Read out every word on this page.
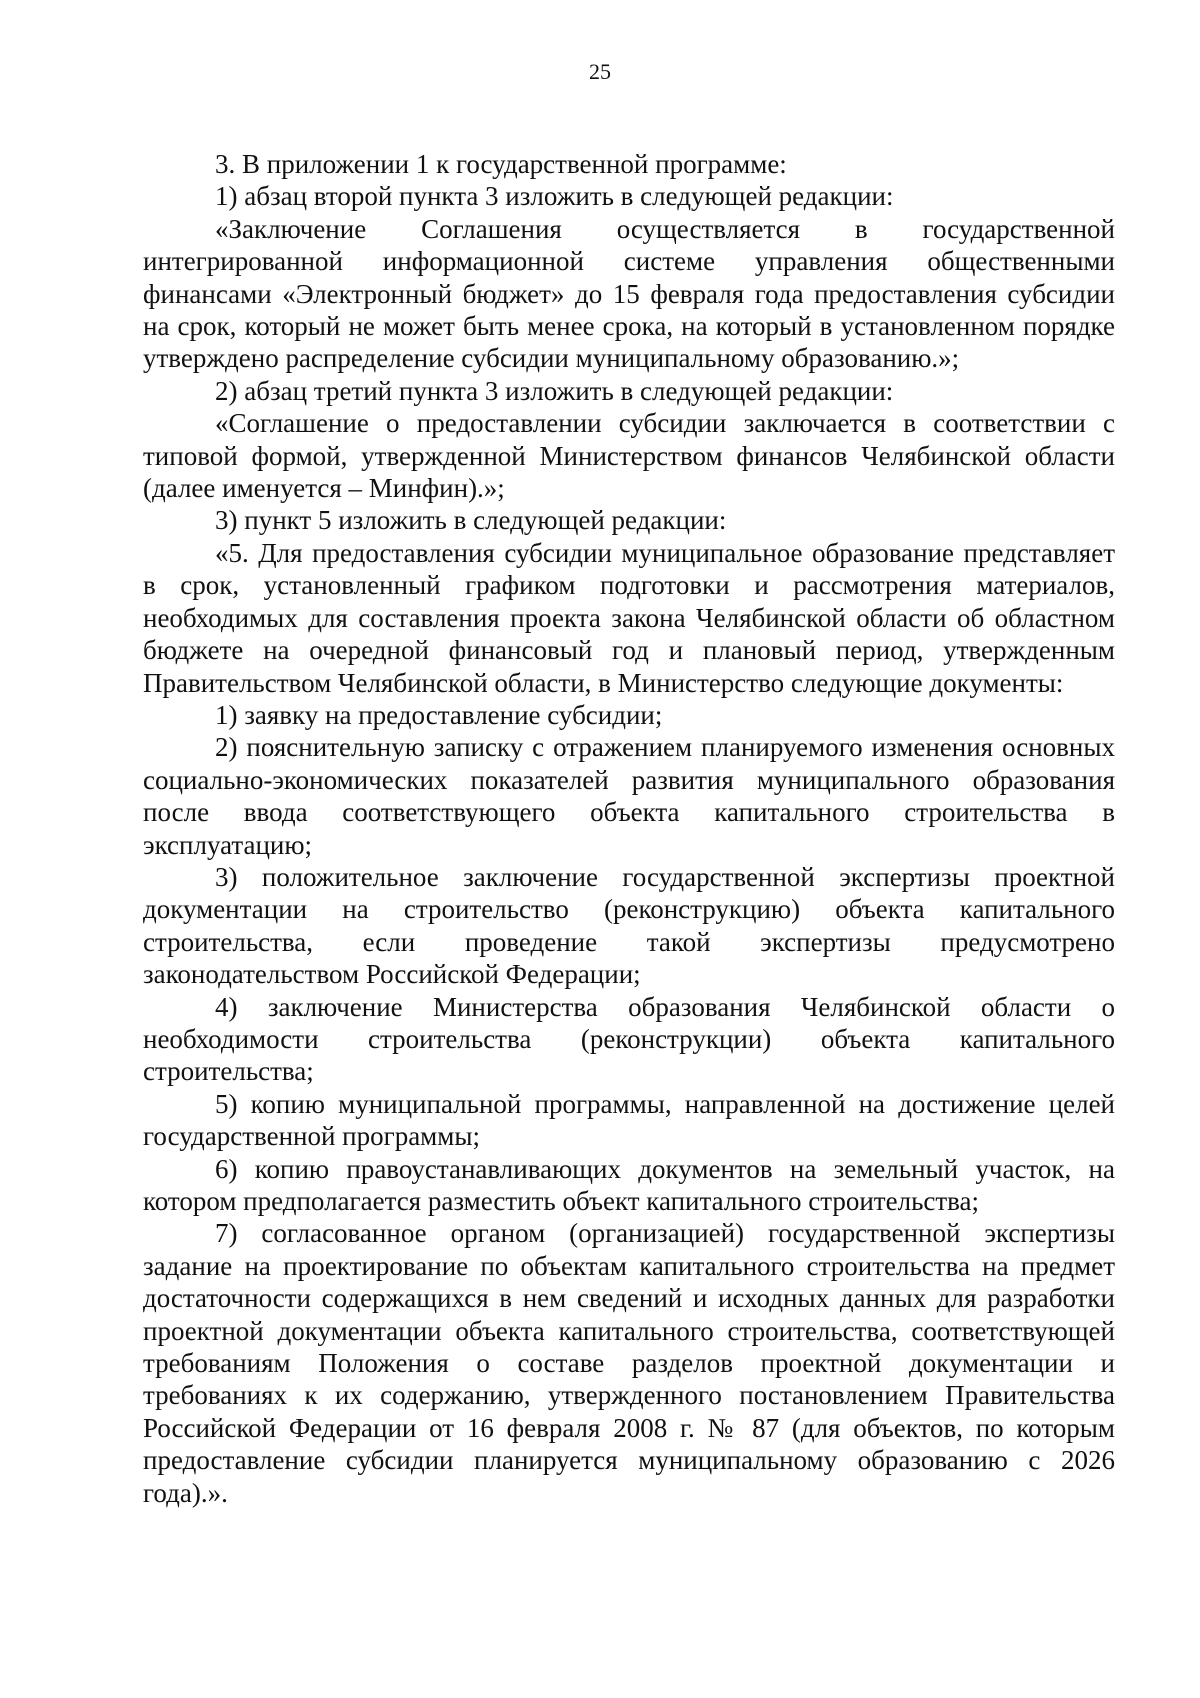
25

3. В приложении 1 к государственной программе:

1) абзац второй пункта 3 изложить в следующей редакции:

«Заключение Соглашения осуществляется в государственной интегрированной информационной системе управления общественными финансами «Электронный бюджет» до 15 февраля года предоставления субсидии на срок, который не может быть менее срока, на который в установленном порядке утверждено распределение субсидии муниципальному образованию.»;

2) абзац третий пункта 3 изложить в следующей редакции:

«Соглашение о предоставлении субсидии заключается в соответствии с типовой формой, утвержденной Министерством финансов Челябинской области (далее именуется – Минфин).»;

3) пункт 5 изложить в следующей редакции:

«5. Для предоставления субсидии муниципальное образование представляет в срок, установленный графиком подготовки и рассмотрения материалов, необходимых для составления проекта закона Челябинской области об областном бюджете на очередной финансовый год и плановый период, утвержденным Правительством Челябинской области, в Министерство следующие документы:

1) заявку на предоставление субсидии;

2) пояснительную записку с отражением планируемого изменения основных социально-экономических показателей развития муниципального образования после ввода соответствующего объекта капитального строительства в эксплуатацию;

3) положительное заключение государственной экспертизы проектной документации на строительство (реконструкцию) объекта капитального строительства, если проведение такой экспертизы предусмотрено законодательством Российской Федерации;

4) заключение Министерства образования Челябинской области о необходимости строительства (реконструкции) объекта капитального строительства;

5) копию муниципальной программы, направленной на достижение целей государственной программы;

6) копию правоустанавливающих документов на земельный участок, на котором предполагается разместить объект капитального строительства;

7) согласованное органом (организацией) государственной экспертизы задание на проектирование по объектам капитального строительства на предмет достаточности содержащихся в нем сведений и исходных данных для разработки проектной документации объекта капитального строительства, соответствующей требованиям Положения о составе разделов проектной документации и требованиях к их содержанию, утвержденного постановлением Правительства Российской Федерации от 16 февраля 2008 г. № 87 (для объектов, по которым предоставление субсидии планируется муниципальному образованию с 2026 года).».
